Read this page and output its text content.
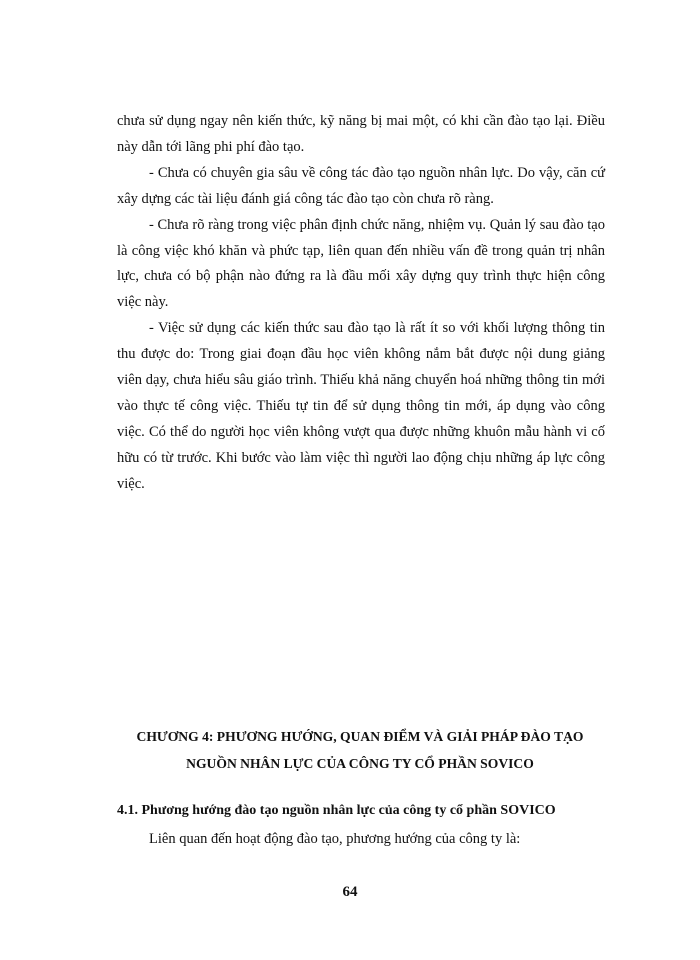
chưa sử dụng ngay nên kiến thức, kỹ năng bị mai một, có khi cần đào tạo lại. Điều này dẫn tới lãng phi phí đào tạo.

- Chưa có chuyên gia sâu về công tác đào tạo nguồn nhân lực. Do vậy, căn cứ xây dựng các tài liệu đánh giá công tác đào tạo còn chưa rõ ràng.

- Chưa rõ ràng trong việc phân định chức năng, nhiệm vụ. Quản lý sau đào tạo là công việc khó khăn và phức tạp, liên quan đến nhiều vấn đề trong quản trị nhân lực, chưa có bộ phận nào đứng ra là đầu mối xây dựng quy trình thực hiện công việc này.

- Việc sử dụng các kiến thức sau đào tạo là rất ít so với khối lượng thông tin thu được do: Trong giai đoạn đầu học viên không nắm bắt được nội dung giảng viên dạy, chưa hiểu sâu giáo trình. Thiếu khả năng chuyển hoá những thông tin mới vào thực tế công việc. Thiếu tự tin để sử dụng thông tin mới, áp dụng vào công việc. Có thể do người học viên không vượt qua được những khuôn mẫu hành vi cố hữu có từ trước. Khi bước vào làm việc thì người lao động chịu những áp lực công việc.

CHƯƠNG 4: PHƯƠNG HƯỚNG, QUAN ĐIỂM VÀ GIẢI PHÁP ĐÀO TẠO
NGUỒN NHÂN LỰC CỦA CÔNG TY CỔ PHẦN SOVICO
4.1. Phương hướng đào tạo nguồn nhân lực của công ty cổ phần SOVICO
Liên quan đến hoạt động đào tạo, phương hướng của công ty là:
64
